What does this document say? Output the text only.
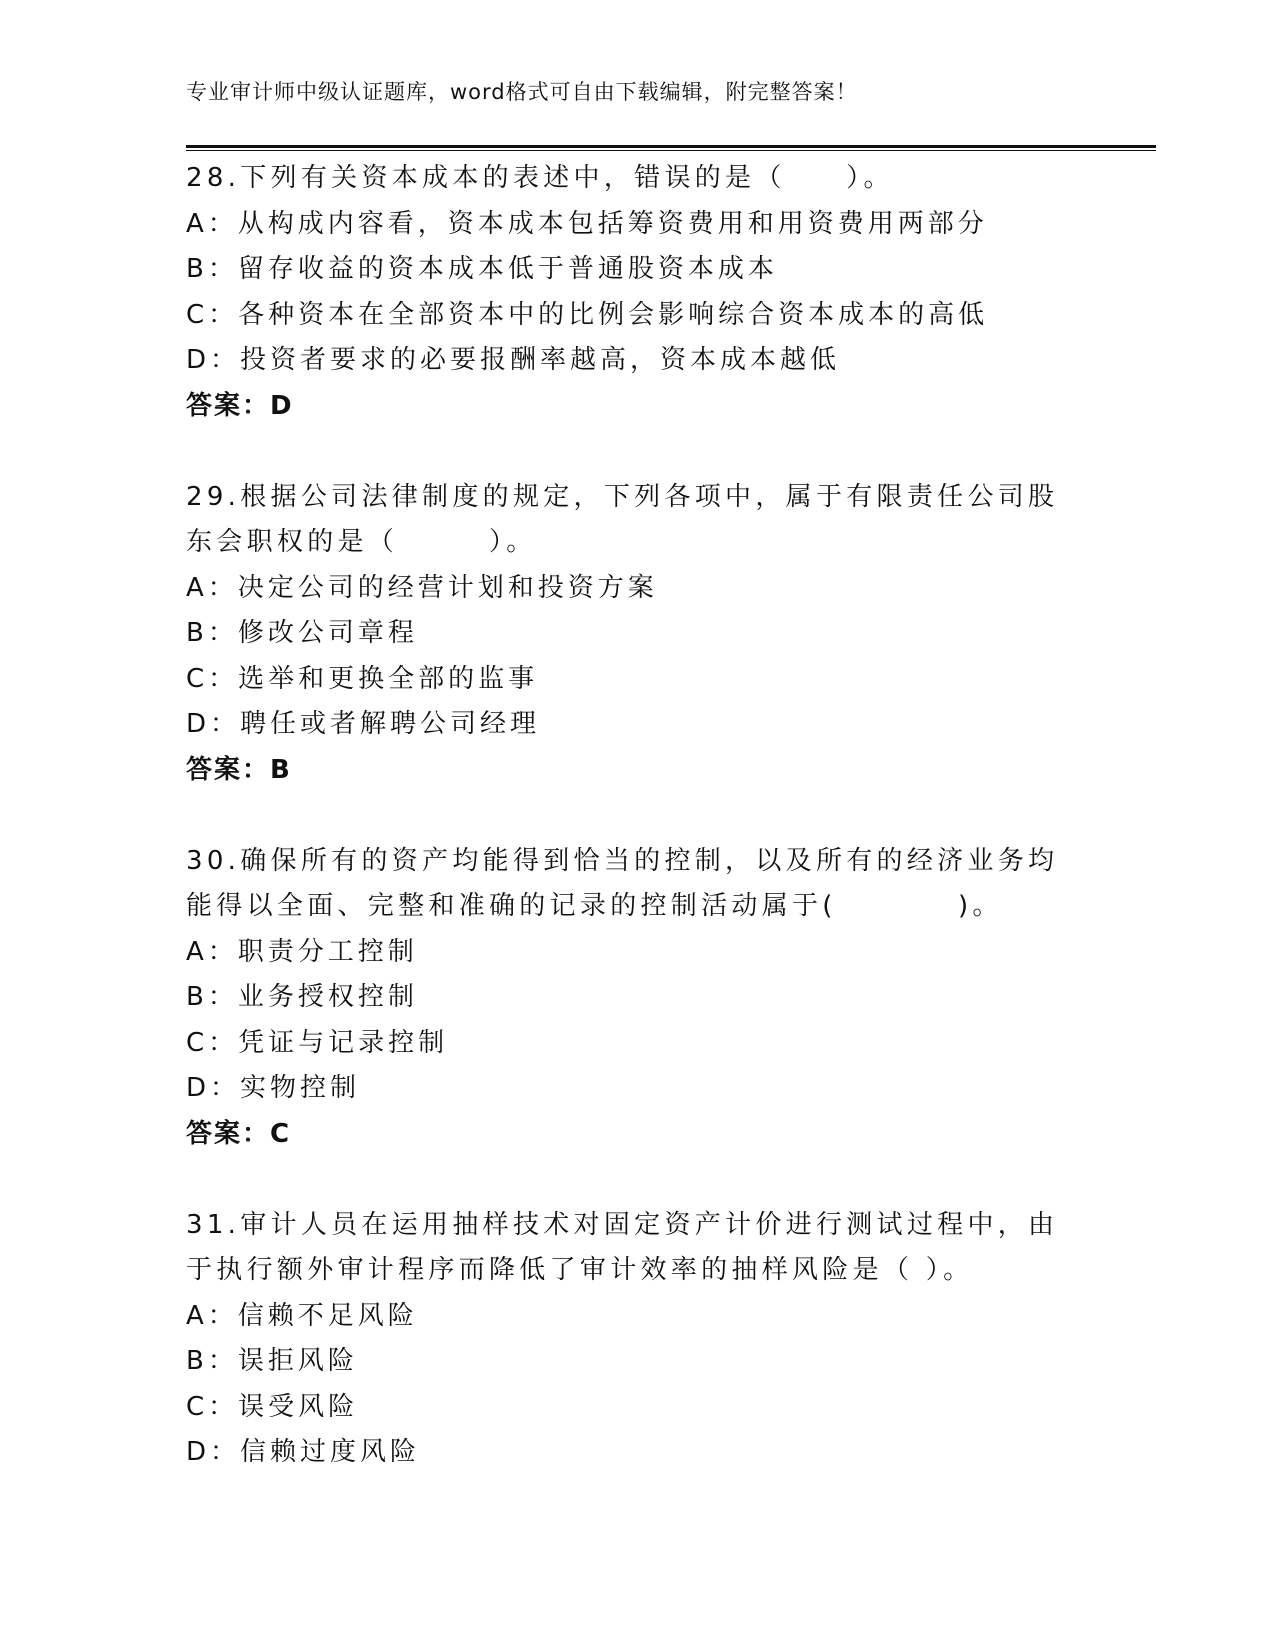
专业审计师中级认证题库，word格式可自由下载编辑，附完整答案！
28.下列有关资本成本的表述中，错误的是（　　）。
A：从构成内容看，资本成本包括筹资费用和用资费用两部分
B：留存收益的资本成本低于普通股资本成本
C：各种资本在全部资本中的比例会影响综合资本成本的高低
D：投资者要求的必要报酬率越高，资本成本越低
答案：D
29.根据公司法律制度的规定，下列各项中，属于有限责任公司股东会职权的是（　　　）。
A：决定公司的经营计划和投资方案
B：修改公司章程
C：选举和更换全部的监事
D：聘任或者解聘公司经理
答案：B
30.确保所有的资产均能得到恰当的控制，以及所有的经济业务均能得以全面、完整和准确的记录的控制活动属于(　　　　)。
A：职责分工控制
B：业务授权控制
C：凭证与记录控制
D：实物控制
答案：C
31.审计人员在运用抽样技术对固定资产计价进行测试过程中，由于执行额外审计程序而降低了审计效率的抽样风险是（ ）。
A：信赖不足风险
B：误拒风险
C：误受风险
D：信赖过度风险
